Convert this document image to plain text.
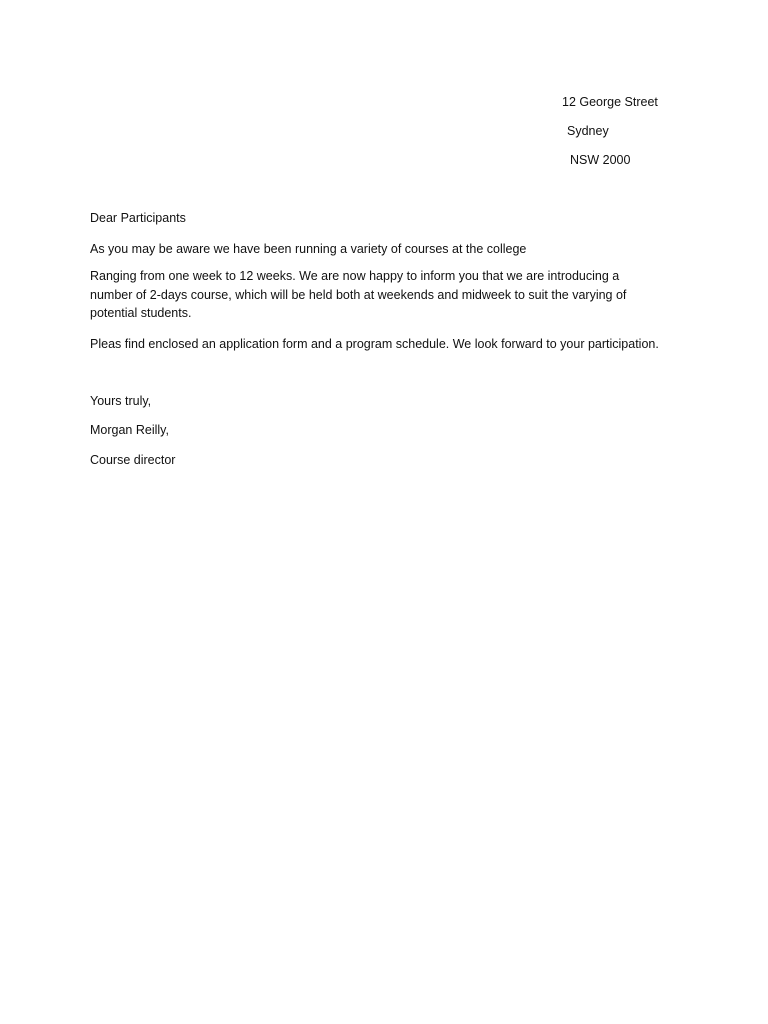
12 George Street
Sydney
NSW 2000
Dear Participants
As you may be aware we have been running a variety of courses at the college
Ranging from one week to 12 weeks. We are now happy to inform you that we are introducing a number of 2-days course, which will be held both at weekends and midweek to suit the varying of potential students.
Pleas find enclosed an application form and a program schedule. We look forward to your participation.
Yours truly,
Morgan Reilly,
Course director
